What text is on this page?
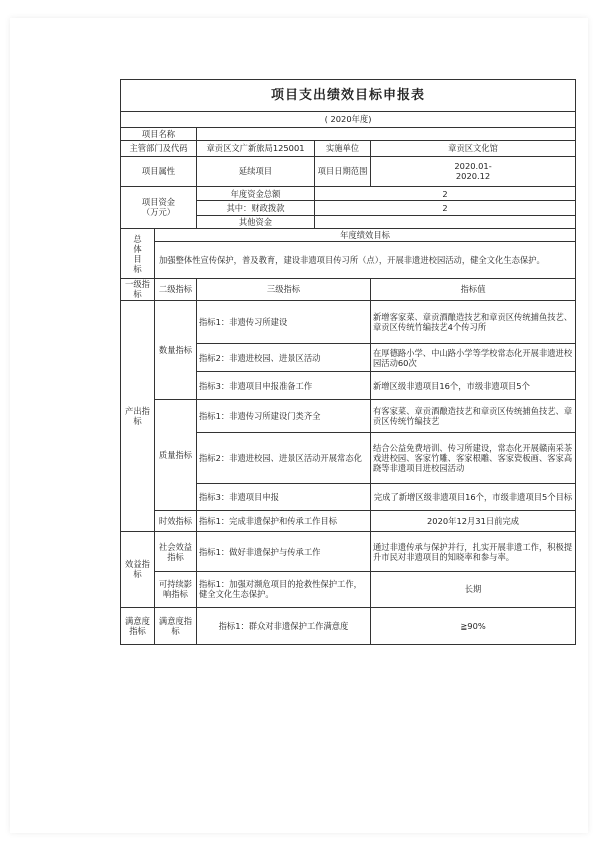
项目支出绩效目标申报表				
( 2020年度)				
项目名称				
主管部门及代码		章贡区文广新旅局125001	实施单位	章贡区文化馆
项目属性		延续项目	项目日期范围	2020.01-
2020.12
项目资金
（万元）		年度资金总额	2	
		其中：财政拨款	2	
		其他资金		
总
体
目
标	年度绩效目标			
	加强整体性宣传保护，普及教育，建设非遗项目传习所（点），开展非遗进校园活动，健全文化生态保护。			
一级指
标	二级指标	三级指标		指标值
产出指
标	数量指标	指标1：非遗传习所建设		新增客家菜、章贡酒酿造技艺和章贡区传统捕鱼技艺、章贡区传统竹编技艺4个传习所
		指标2：非遗进校园、进景区活动		在厚德路小学、中山路小学等学校常态化开展非遗进校园活动60次
		指标3：非遗项目申报准备工作		新增区级非遗项目16个，市级非遗项目5个
	质量指标	指标1：非遗传习所建设门类齐全		有客家菜、章贡酒酿造技艺和章贡区传统捕鱼技艺、章贡区传统竹编技艺
		指标2：非遗进校园、进景区活动开展常态化		结合公益免费培训、传习所建设，常态化开展赣南采茶戏进校园、客家竹雕、客家根雕、客家瓷板画、客家高跷等非遗项目进校园活动
		指标3：非遗项目申报		完成了新增区级非遗项目16个，市级非遗项目5个目标
	时效指标	指标1：完成非遗保护和传承工作目标		2020年12月31日前完成
效益指
标	社会效益
指标	指标1：做好非遗保护与传承工作		通过非遗传承与保护并行，扎实开展非遗工作，积极提升市民对非遗项目的知晓率和参与率。
	可持续影
响指标	指标1：加强对濒危项目的抢救性保护工作，健全文化生态保护。		长期
满意度
指标	满意度指
标	指标1：群众对非遗保护工作满意度		≧90%
